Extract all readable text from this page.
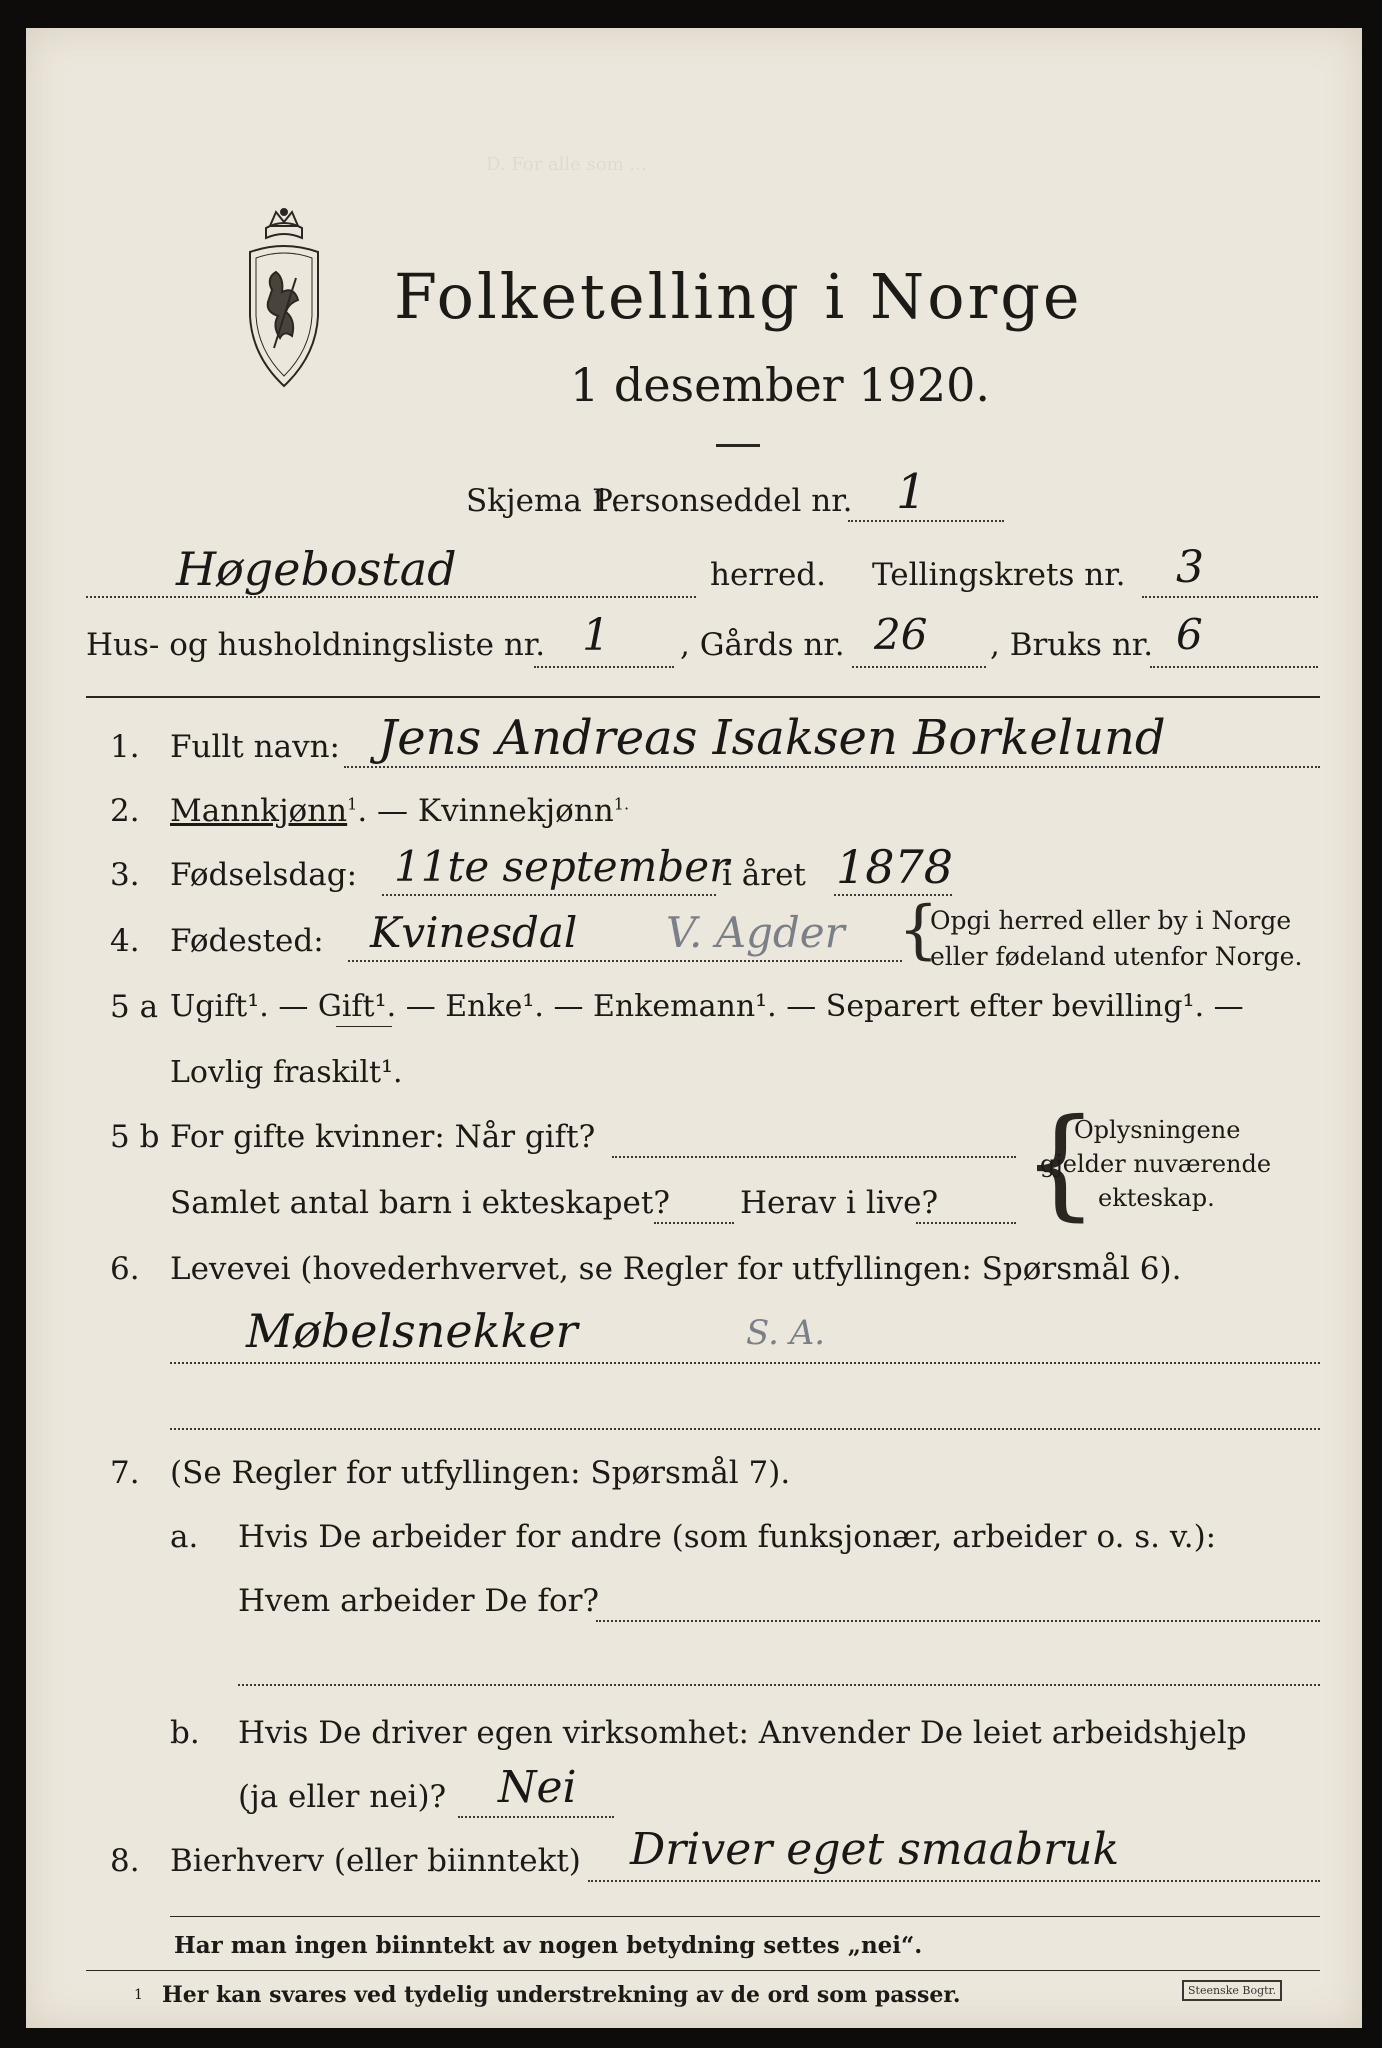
D. For alle som ...
Folketelling i Norge
1 desember 1920.
Skjema 1.
Personseddel nr. 1
Høgebostad	herred. Tellingskrets nr. 3
Hus- og husholdningsliste nr. 1 , Gårds nr. 26 , Bruks nr. 6
1. Fullt navn: Jens Andreas Isaksen Borkelund
2. Mannkjønn$^1$. — Kvinnekjønn$^{1.}$
3. Fødselsdag: 11te september
i året 1878
4. Fødested: Kvinesdal V. Agder {
Opgi herred eller by i Norge
eller fødeland utenfor Norge.
5 a Ugift¹. — Gift¹. — Enke¹. — Enkemann¹. — Separert efter bevilling¹. —
Lovlig fraskilt¹.
5 b For gifte kvinner: Når gift?
Samlet antal barn i ekteskapet? Herav i live? {
Oplysningene
gjelder nuværende
ekteskap.
6. Levevei (hovederhvervet, se Regler for utfyllingen: Spørsmål 6).
Møbelsnekker	S. A.
7. (Se Regler for utfyllingen: Spørsmål 7).
a. Hvis De arbeider for andre (som funksjonær, arbeider o. s. v.):
Hvem arbeider De for?
b. Hvis De driver egen virksomhet: Anvender De leiet arbeidshjelp
(ja eller nei)? Nei
8. Bierhverv (eller biinntekt) Driver eget smaabruk
Har man ingen biinntekt av nogen betydning settes „nei“.
1 Her kan svares ved tydelig understrekning av de ord som passer.	Steenske Bogtr.
